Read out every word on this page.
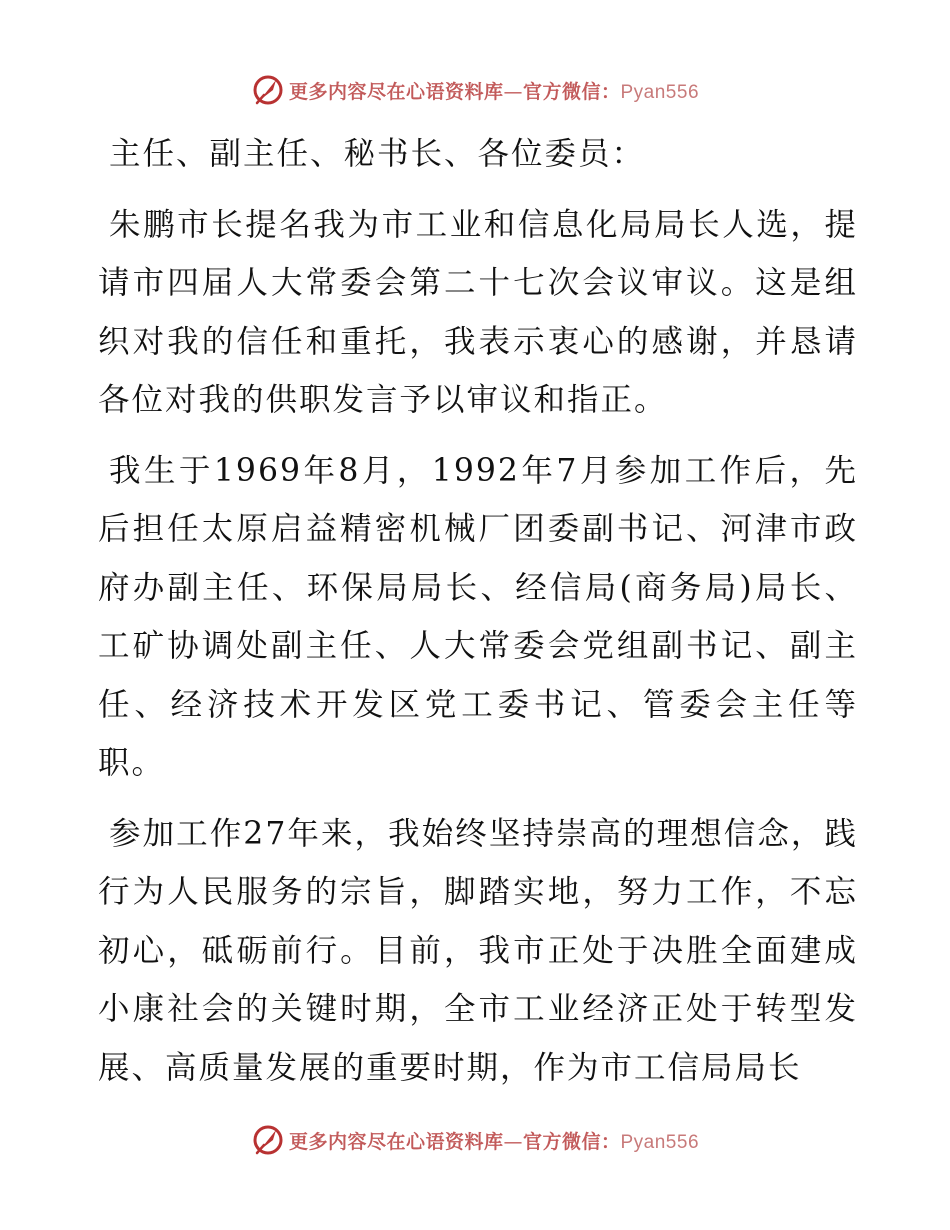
更多内容尽在心语资料库—官方微信：Pyan556

主任、副主任、秘书长、各位委员：

朱鹏市长提名我为市工业和信息化局局长人选，提请市四届人大常委会第二十七次会议审议。这是组织对我的信任和重托，我表示衷心的感谢，并恳请各位对我的供职发言予以审议和指正。

我生于1969年8月，1992年7月参加工作后，先后担任太原启益精密机械厂团委副书记、河津市政府办副主任、环保局局长、经信局(商务局)局长、工矿协调处副主任、人大常委会党组副书记、副主任、经济技术开发区党工委书记、管委会主任等职。

参加工作27年来，我始终坚持崇高的理想信念，践行为人民服务的宗旨，脚踏实地，努力工作，不忘初心，砥砺前行。目前，我市正处于决胜全面建成小康社会的关键时期，全市工业经济正处于转型发展、高质量发展的重要时期，作为市工信局局长

更多内容尽在心语资料库—官方微信：Pyan556
